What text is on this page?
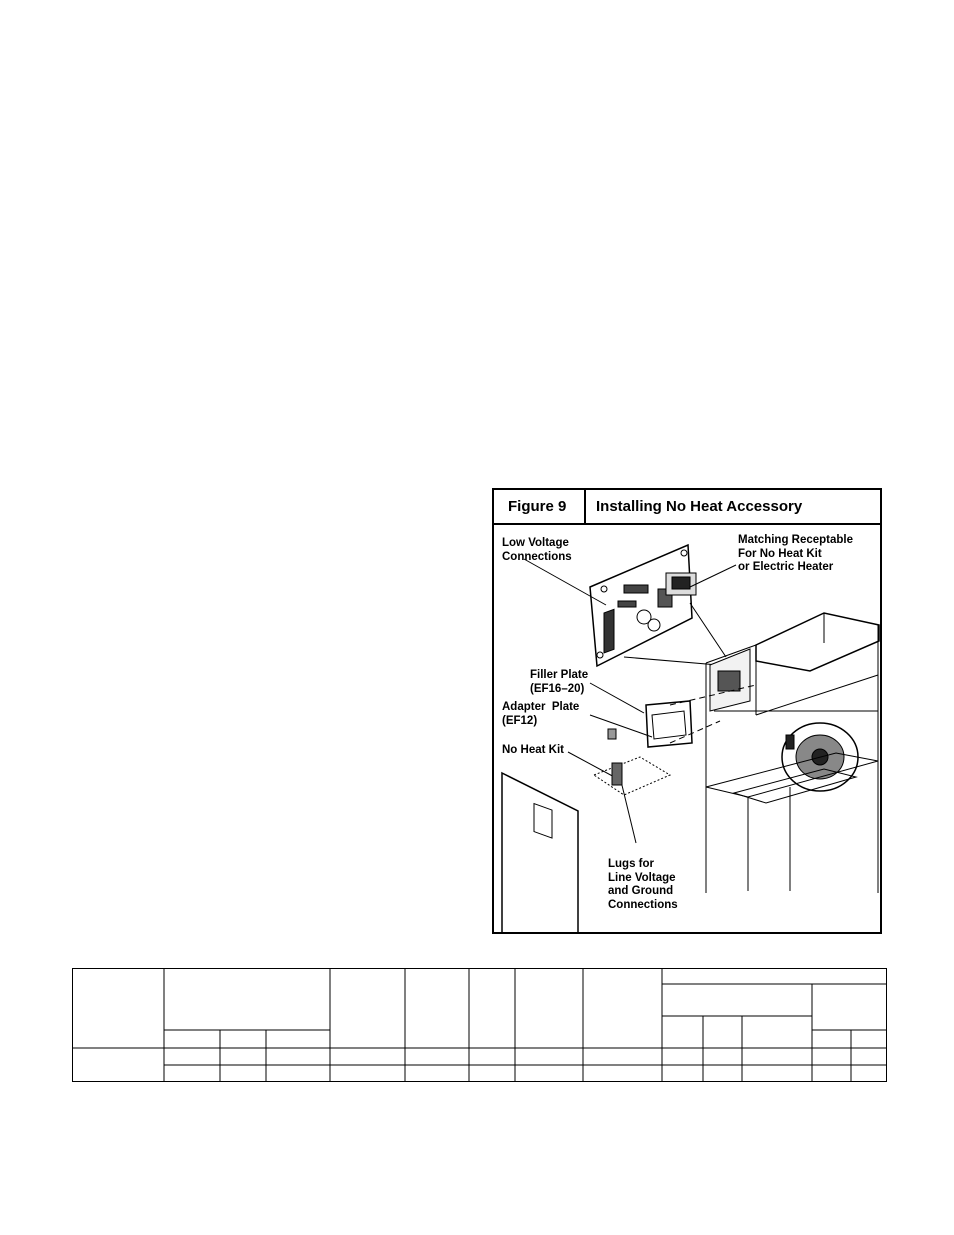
Figure 9	Installing No Heat Accessory
Low Voltage
Connections
Matching Receptable
For No Heat Kit
or Electric Heater
Filler Plate
(EF16–20)
Adapter  Plate
(EF12)
No Heat Kit
Lugs for
Line Voltage
and Ground
Connections
